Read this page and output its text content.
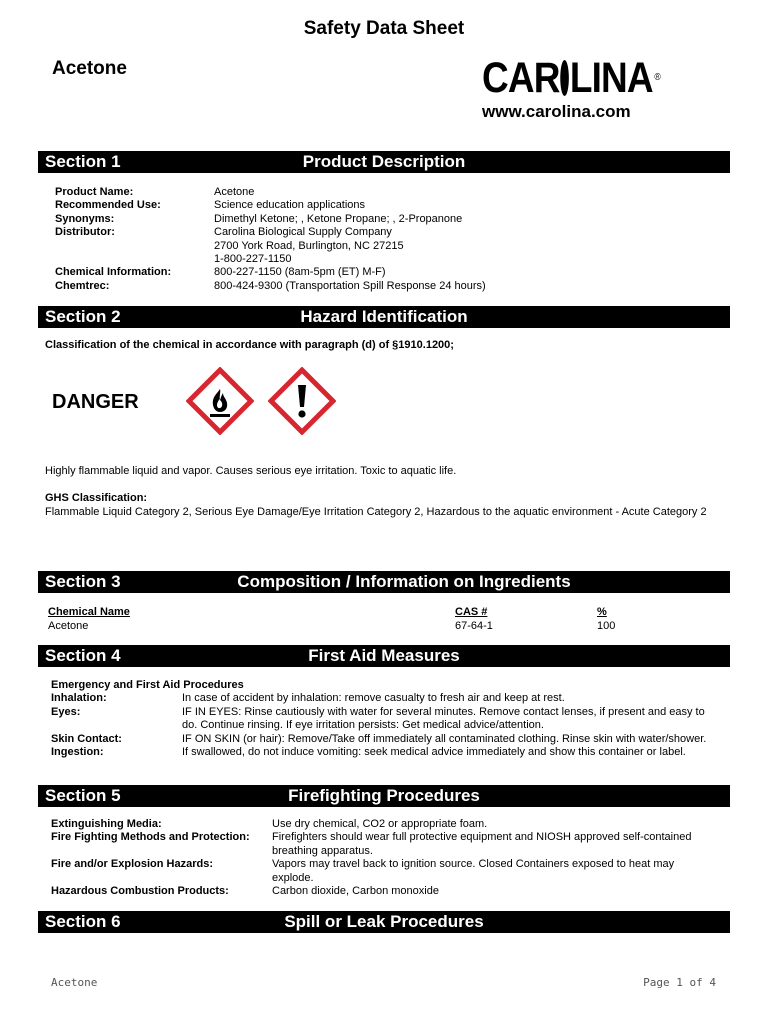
Safety Data Sheet
Acetone	CAR LINA ®
www.carolina.com
Section 1	Product Description
Product Name:	Acetone
Recommended Use:	Science education applications
Synonyms:	Dimethyl Ketone; , Ketone Propane; , 2-Propanone
Distributor:	Carolina Biological Supply Company
2700 York Road, Burlington, NC 27215
1-800-227-1150
Chemical Information:	800-227-1150 (8am-5pm (ET) M-F)
Chemtrec:	800-424-9300 (Transportation Spill Response 24 hours)
Section 2	Hazard Identification
Classification of the chemical in accordance with paragraph (d) of §1910.1200;
DANGER
Highly flammable liquid and vapor. Causes serious eye irritation. Toxic to aquatic life.
GHS Classification:
Flammable Liquid Category 2, Serious Eye Damage/Eye Irritation Category 2, Hazardous to the aquatic environment - Acute Category 2
Section 3	Composition / Information on Ingredients
Chemical Name	CAS #	%
Acetone	67-64-1	100
Section 4	First Aid Measures
Emergency and First Aid Procedures
Inhalation:	In case of accident by inhalation: remove casualty to fresh air and keep at rest.
Eyes:	IF IN EYES: Rinse cautiously with water for several minutes. Remove contact lenses, if present and easy to do. Continue rinsing. If eye irritation persists: Get medical advice/attention.
Skin Contact:	IF ON SKIN (or hair): Remove/Take off immediately all contaminated clothing. Rinse skin with water/shower.
Ingestion:	If swallowed, do not induce vomiting: seek medical advice immediately and show this container or label.
Section 5	Firefighting Procedures
Extinguishing Media:	Use dry chemical, CO2 or appropriate foam.
Fire Fighting Methods and Protection:	Firefighters should wear full protective equipment and NIOSH approved self-contained breathing apparatus.
Fire and/or Explosion Hazards:	Vapors may travel back to ignition source. Closed Containers exposed to heat may explode.
Hazardous Combustion Products:	Carbon dioxide, Carbon monoxide
Section 6	Spill or Leak Procedures
Acetone	Page 1 of 4
